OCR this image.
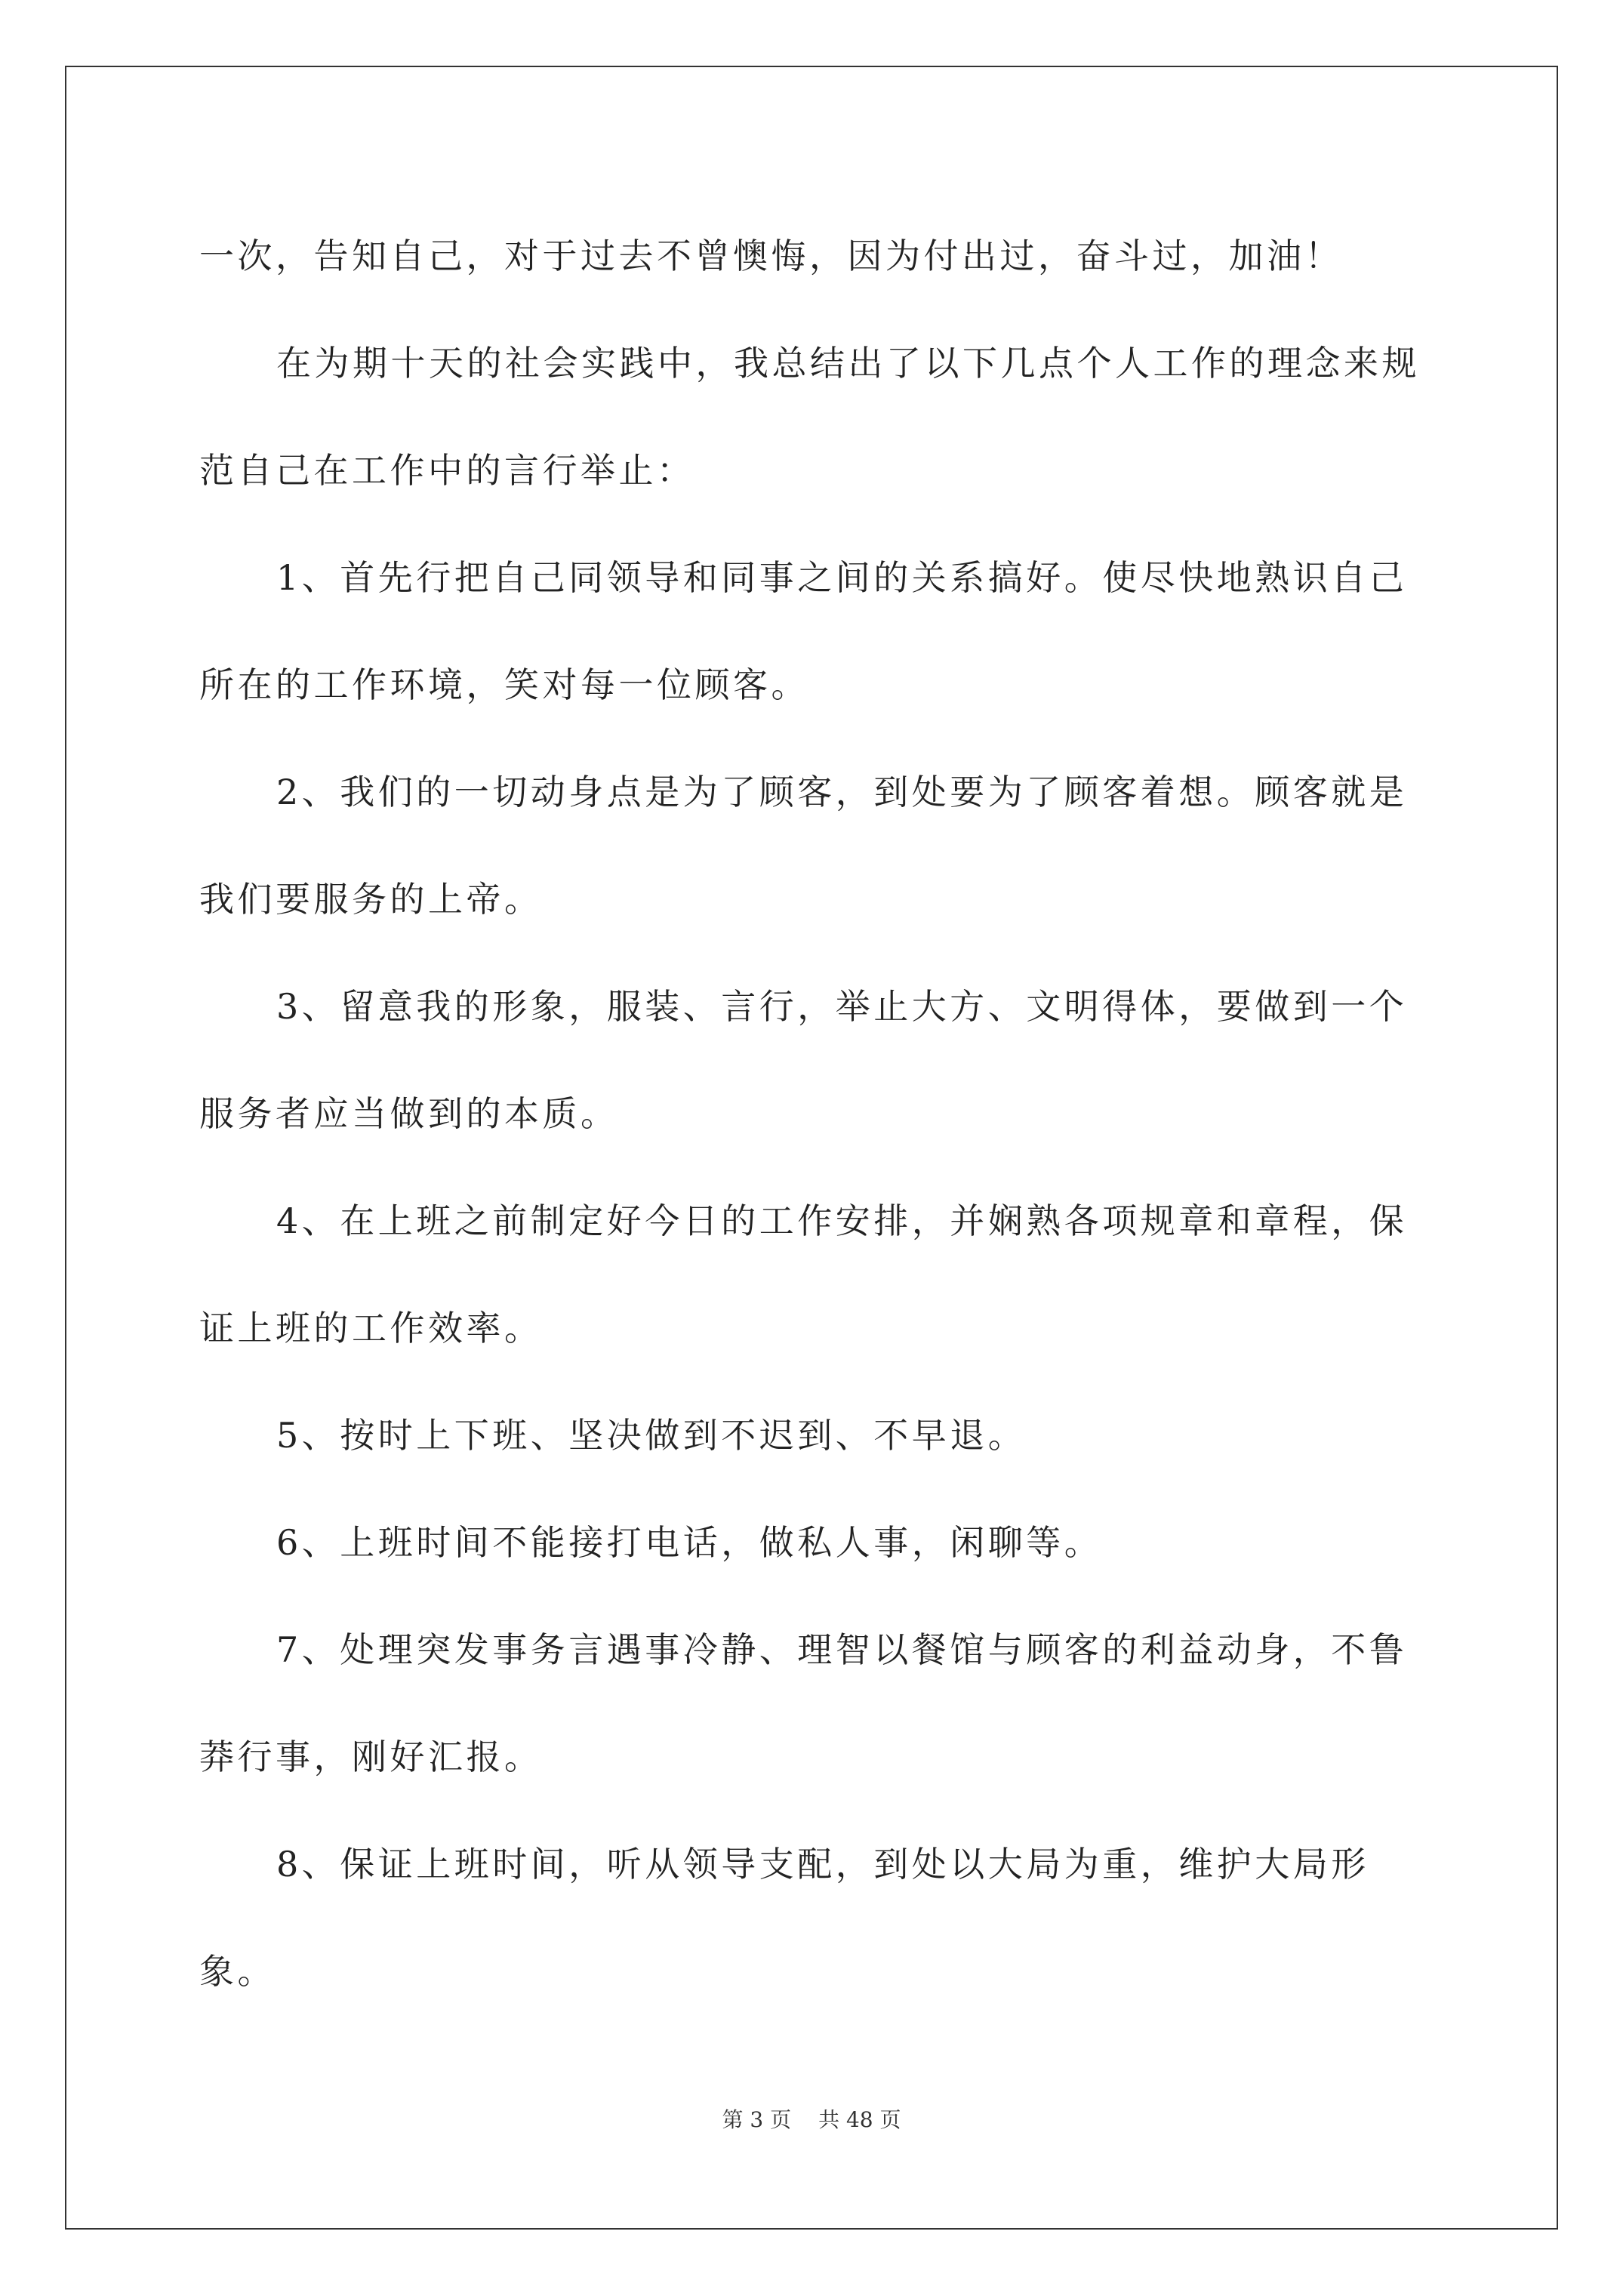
一次，告知自己，对于过去不曾懊悔，因为付出过，奋斗过，加油！

在为期十天的社会实践中，我总结出了以下几点个人工作的理念来规范自己在工作中的言行举止：

1、首先行把自己同领导和同事之间的关系搞好。使尽快地熟识自己所在的工作环境，笑对每一位顾客。

2、我们的一切动身点是为了顾客，到处要为了顾客着想。顾客就是我们要服务的上帝。

3、留意我的形象，服装、言行，举止大方、文明得体，要做到一个服务者应当做到的本质。

4、在上班之前制定好今日的工作安排，并娴熟各项规章和章程，保证上班的工作效率。

5、按时上下班、坚决做到不迟到、不早退。

6、上班时间不能接打电话，做私人事，闲聊等。

7、处理突发事务言遇事冷静、理智以餐馆与顾客的利益动身，不鲁莽行事，刚好汇报。

8、保证上班时间，听从领导支配，到处以大局为重，维护大局形象。

第 3 页 共 48 页
